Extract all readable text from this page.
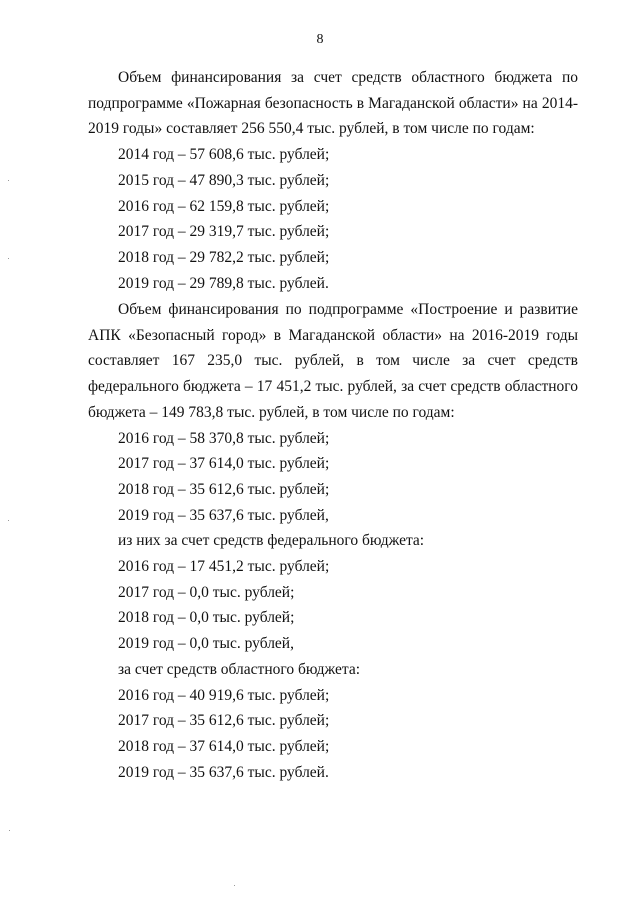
8

Объем финансирования за счет средств областного бюджета по подпрограмме «Пожарная безопасность в Магаданской области» на 2014-2019 годы» составляет 256 550,4 тыс. рублей, в том числе по годам:

2014 год – 57 608,6 тыс. рублей;

2015 год – 47 890,3 тыс. рублей;

2016 год – 62 159,8 тыс. рублей;

2017 год – 29 319,7 тыс. рублей;

2018 год – 29 782,2 тыс. рублей;

2019 год – 29 789,8 тыс. рублей.

Объем финансирования по подпрограмме «Построение и развитие АПК «Безопасный город» в Магаданской области» на 2016-2019 годы составляет 167 235,0 тыс. рублей, в том числе за счет средств федерального бюджета – 17 451,2 тыс. рублей, за счет средств областного бюджета – 149 783,8 тыс. рублей, в том числе по годам:

2016 год – 58 370,8 тыс. рублей;

2017 год – 37 614,0 тыс. рублей;

2018 год – 35 612,6 тыс. рублей;

2019 год – 35 637,6 тыс. рублей,

из них за счет средств федерального бюджета:

2016 год – 17 451,2 тыс. рублей;

2017 год – 0,0 тыс. рублей;

2018 год – 0,0 тыс. рублей;

2019 год – 0,0 тыс. рублей,

за счет средств областного бюджета:

2016 год – 40 919,6 тыс. рублей;

2017 год – 35 612,6 тыс. рублей;

2018 год – 37 614,0 тыс. рублей;

2019 год – 35 637,6 тыс. рублей.
